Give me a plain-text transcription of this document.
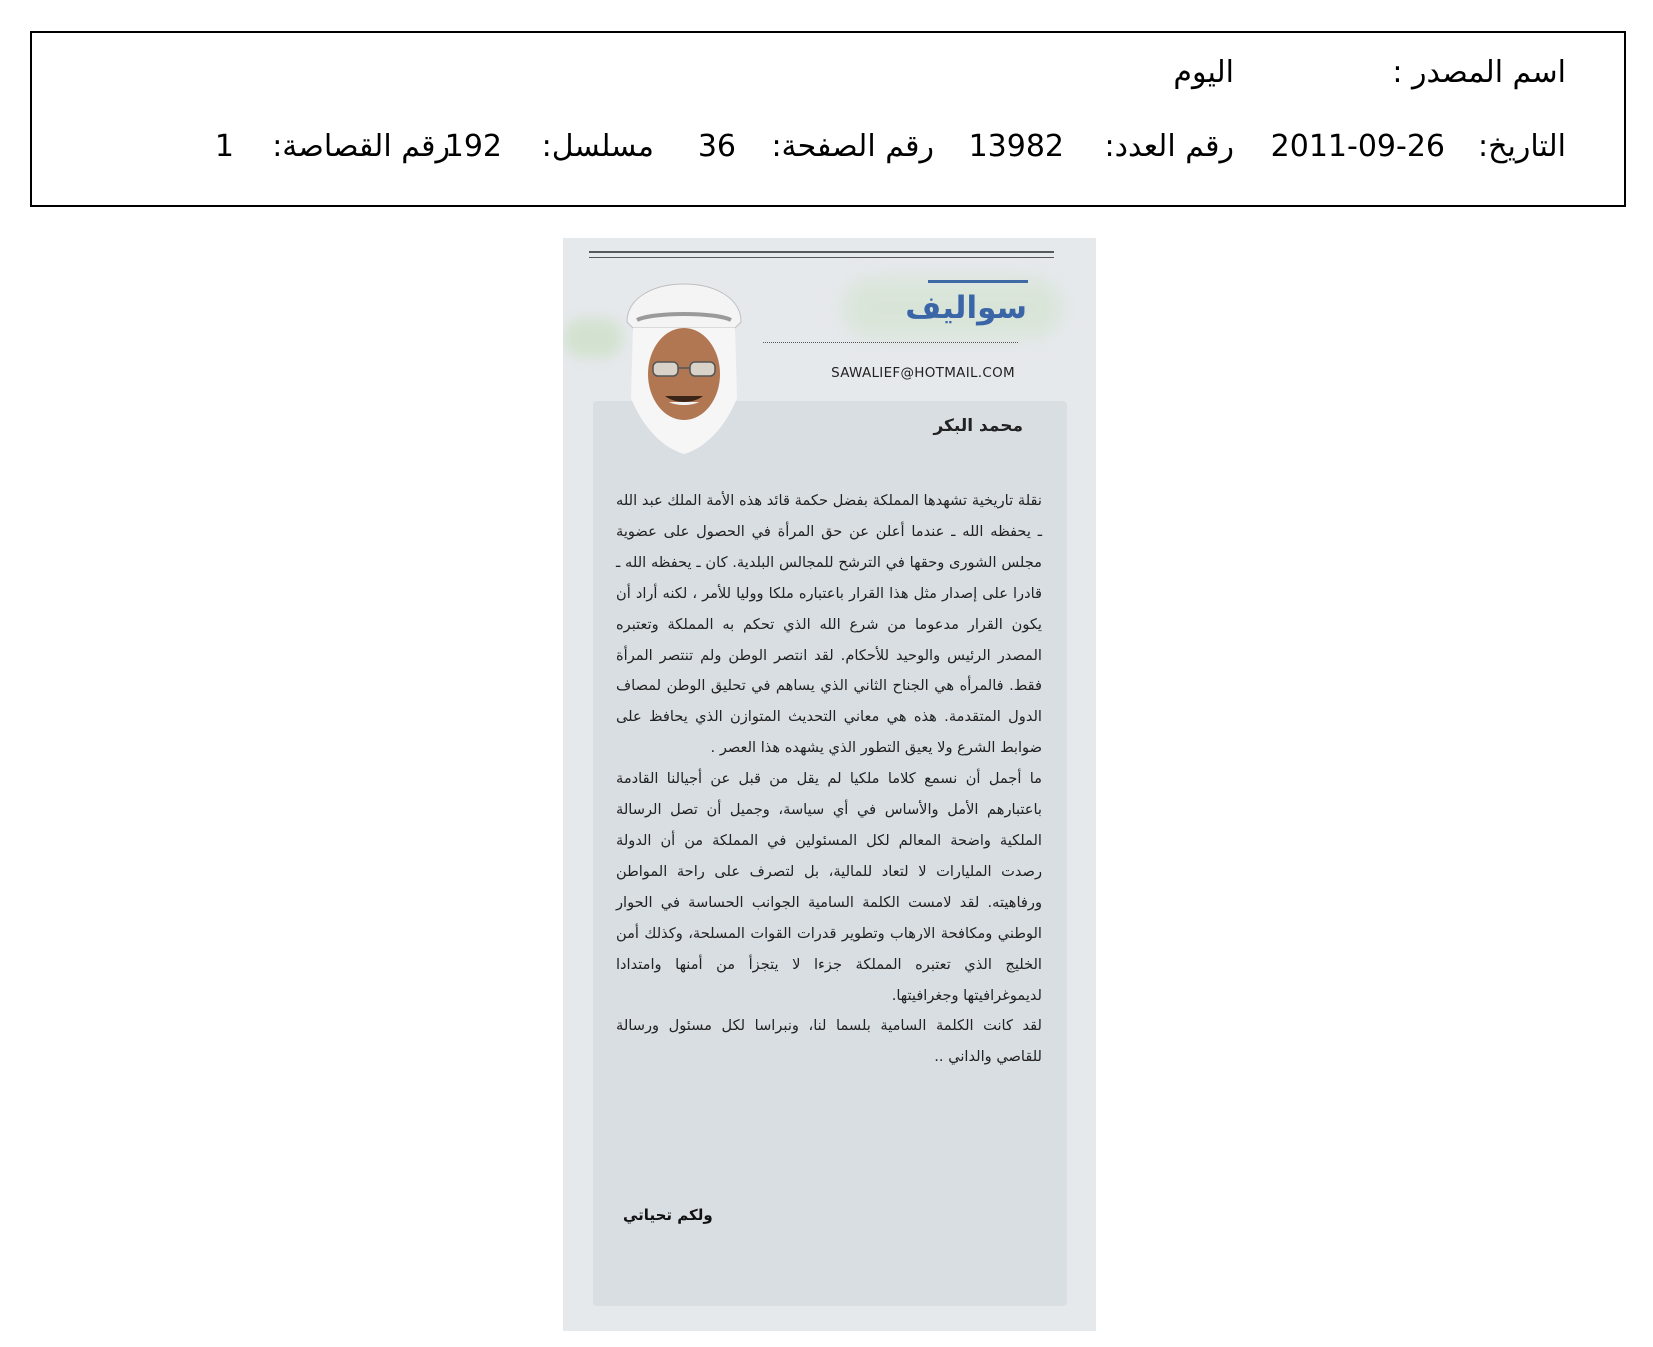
اسم المصدر :
اليوم
التاريخ:
2011-09-26
رقم العدد:
13982
رقم الصفحة:
36
مسلسل:
192
رقم القصاصة:
1
سواليف
SAWALIEF@HOTMAIL.COM
محمد البكر

نقلة تاريخية تشهدها المملكة بفضل حكمة قائد هذه الأمة الملك عبد الله ـ يحفظه الله ـ عندما أعلن عن حق المرأة في الحصول على عضوية مجلس الشورى وحقها في الترشح للمجالس البلدية. كان ـ يحفظه الله ـ قادرا على إصدار مثل هذا القرار باعتباره ملكا ووليا للأمر ، لكنه أراد أن يكون القرار مدعوما من شرع الله الذي تحكم به المملكة وتعتبره المصدر الرئيس والوحيد للأحكام. لقد انتصر الوطن ولم تنتصر المرأة فقط. فالمرأه هي الجناح الثاني الذي يساهم في تحليق الوطن لمصاف الدول المتقدمة. هذه هي معاني التحديث المتوازن الذي يحافظ على ضوابط الشرع ولا يعيق التطور الذي يشهده هذا العصر .

ما أجمل أن نسمع كلاما ملكيا لم يقل من قبل عن أجيالنا القادمة باعتبارهم الأمل والأساس في أي سياسة، وجميل أن تصل الرسالة الملكية واضحة المعالم لكل المسئولين في المملكة من أن الدولة رصدت المليارات لا لتعاد للمالية، بل لتصرف على راحة المواطن ورفاهيته. لقد لامست الكلمة السامية الجوانب الحساسة في الحوار الوطني ومكافحة الارهاب وتطوير قدرات القوات المسلحة، وكذلك أمن الخليج الذي تعتبره المملكة جزءا لا يتجزأ من أمنها وامتدادا لديموغرافيتها وجغرافيتها.

لقد كانت الكلمة السامية بلسما لنا، ونبراسا لكل مسئول ورسالة للقاصي والداني ..

ولكم تحياتي
